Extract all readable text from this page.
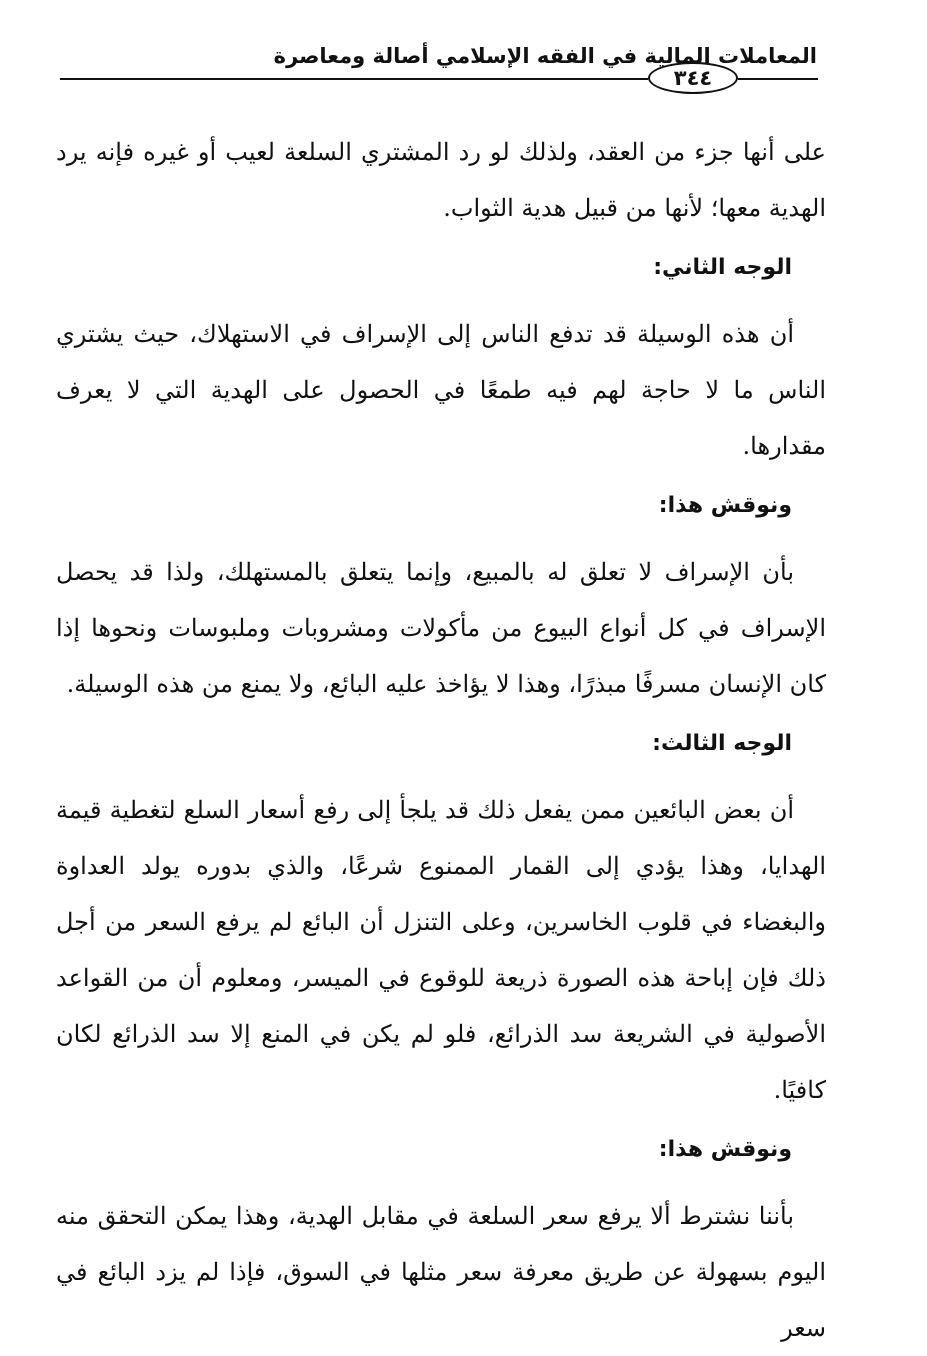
المعاملات المالية في الفقه الإسلامي أصالة ومعاصرة
٣٤٤

على أنها جزء من العقد، ولذلك لو رد المشتري السلعة لعيب أو غيره فإنه يرد الهدية معها؛ لأنها من قبيل هدية الثواب.

الوجه الثاني:

أن هذه الوسيلة قد تدفع الناس إلى الإسراف في الاستهلاك، حيث يشتري الناس ما لا حاجة لهم فيه طمعًا في الحصول على الهدية التي لا يعرف مقدارها.

ونوقش هذا:

بأن الإسراف لا تعلق له بالمبيع، وإنما يتعلق بالمستهلك، ولذا قد يحصل الإسراف في كل أنواع البيوع من مأكولات ومشروبات وملبوسات ونحوها إذا كان الإنسان مسرفًا مبذرًا، وهذا لا يؤاخذ عليه البائع، ولا يمنع من هذه الوسيلة.

الوجه الثالث:

أن بعض البائعين ممن يفعل ذلك قد يلجأ إلى رفع أسعار السلع لتغطية قيمة الهدايا، وهذا يؤدي إلى القمار الممنوع شرعًا، والذي بدوره يولد العداوة والبغضاء في قلوب الخاسرين، وعلى التنزل أن البائع لم يرفع السعر من أجل ذلك فإن إباحة هذه الصورة ذريعة للوقوع في الميسر، ومعلوم أن من القواعد الأصولية في الشريعة سد الذرائع، فلو لم يكن في المنع إلا سد الذرائع لكان كافيًا.

ونوقش هذا:

بأننا نشترط ألا يرفع سعر السلعة في مقابل الهدية، وهذا يمكن التحقق منه اليوم بسهولة عن طريق معرفة سعر مثلها في السوق، فإذا لم يزد البائع في سعر
